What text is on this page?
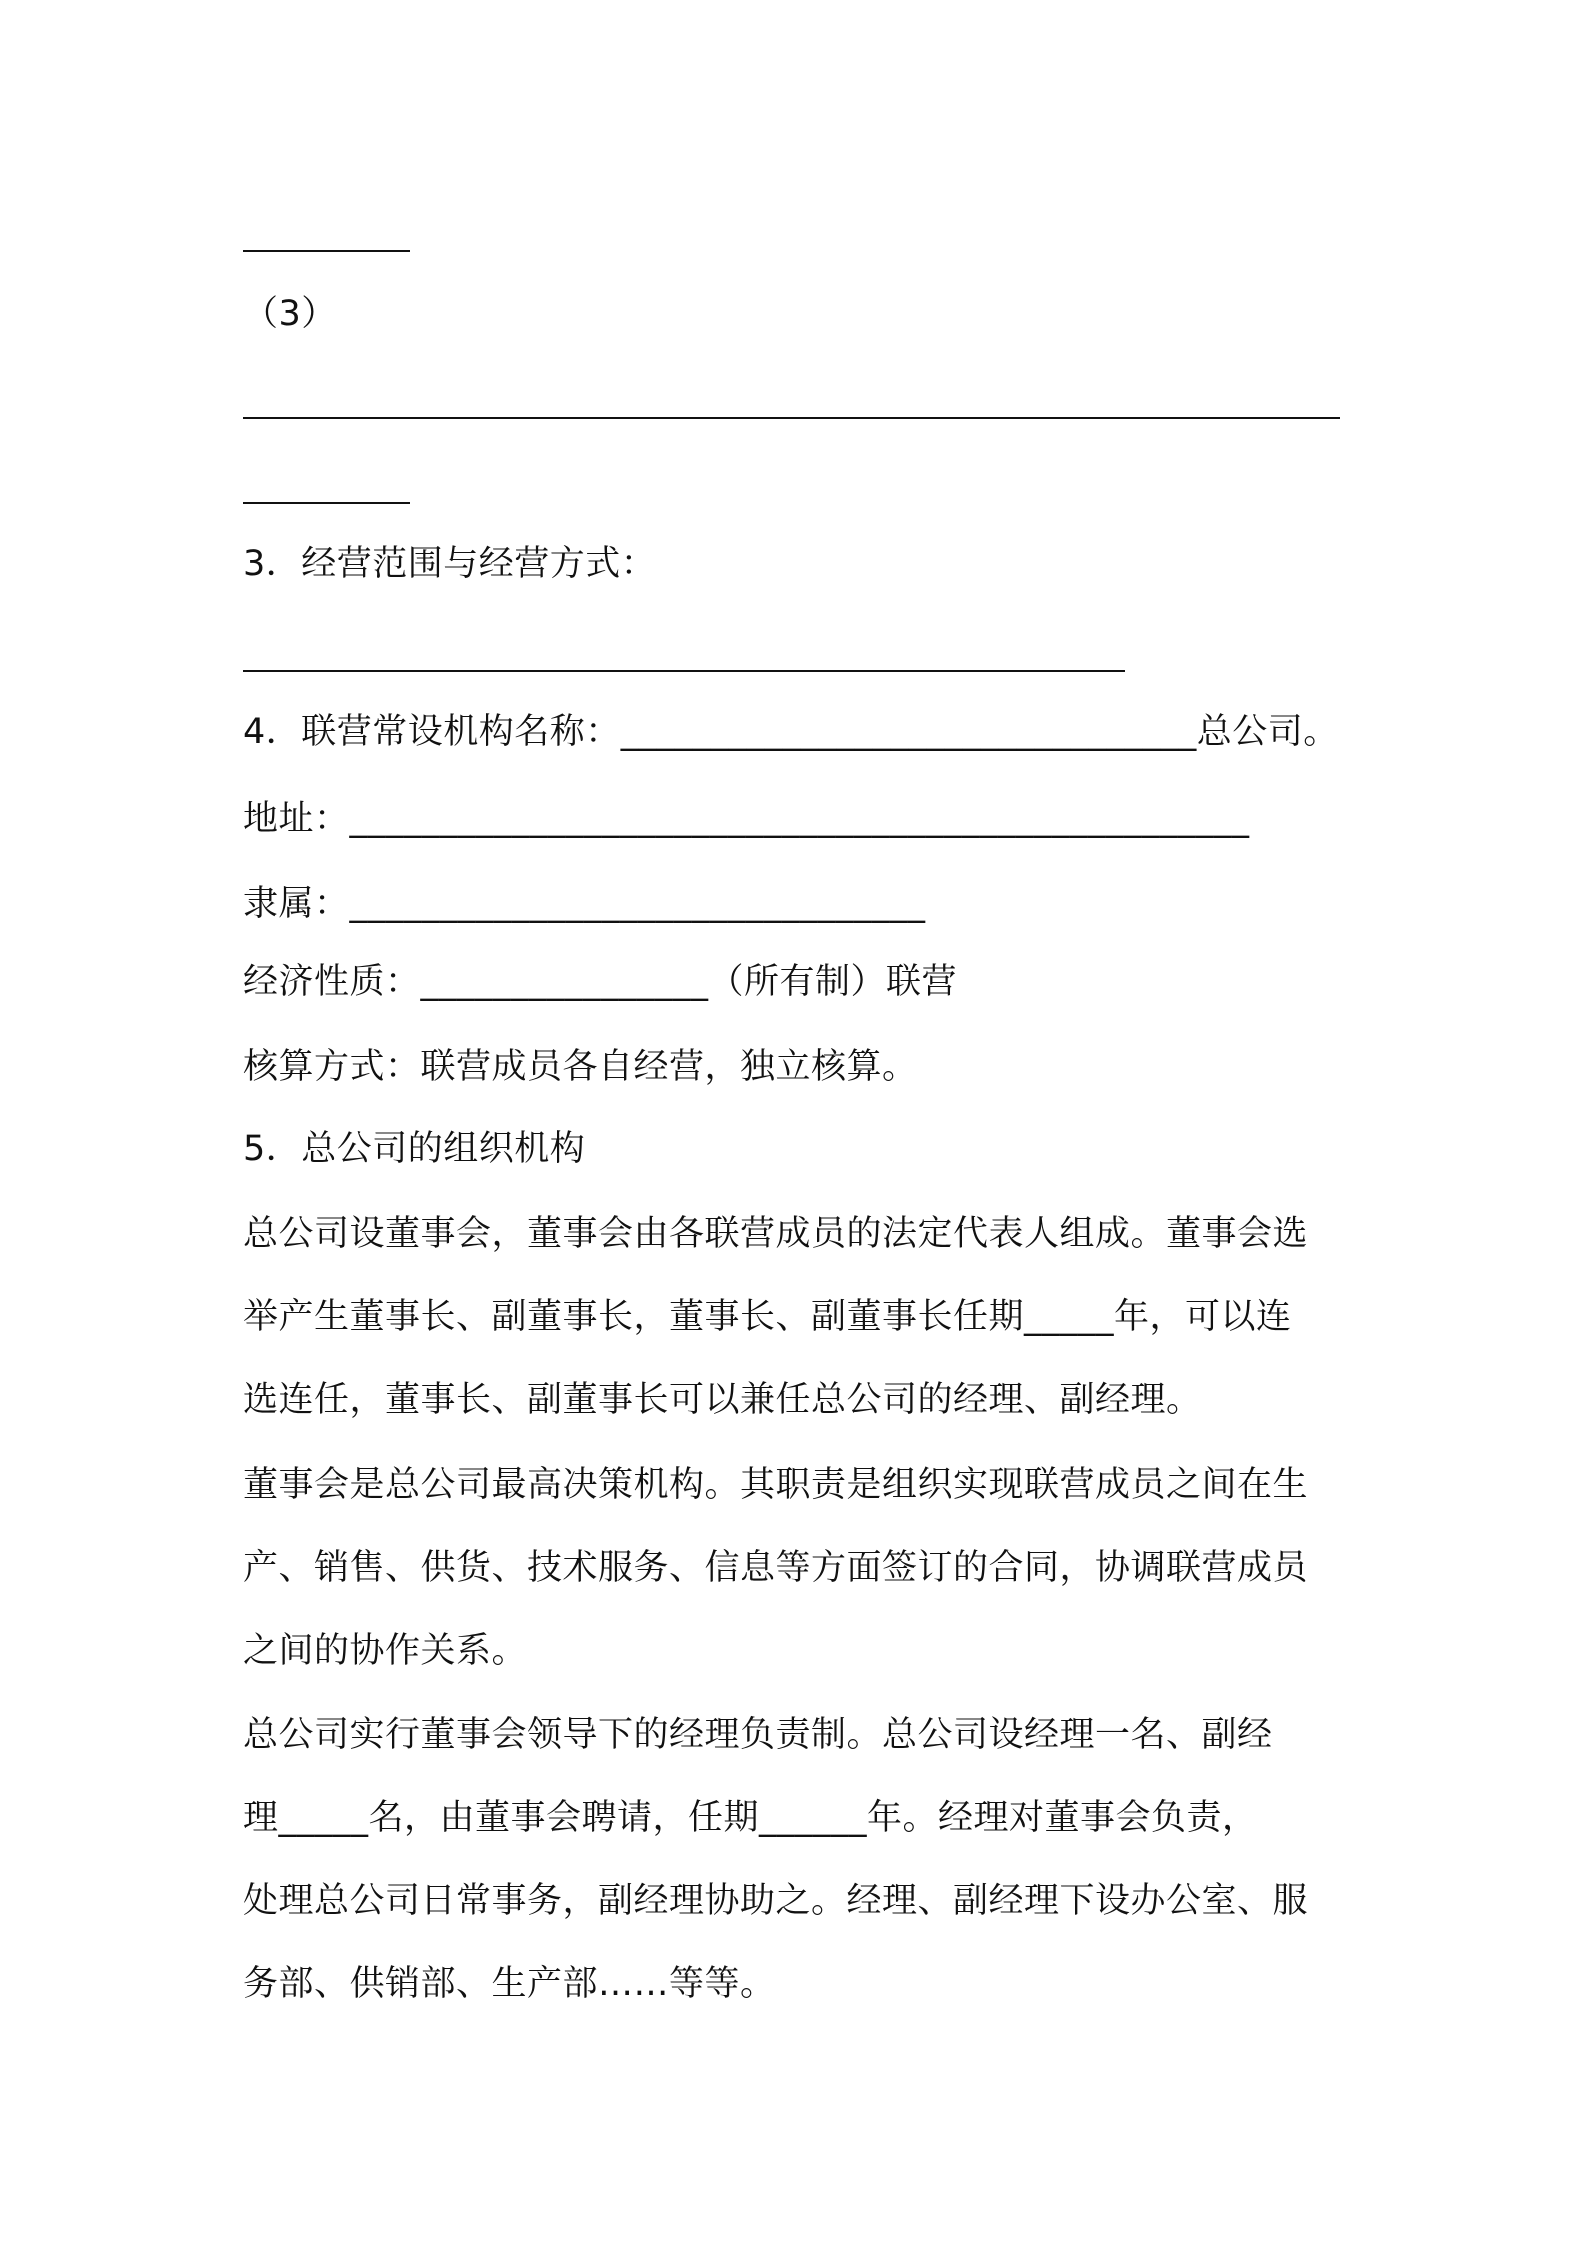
（3）
3．经营范围与经营方式：
4．联营常设机构名称：________________________________总公司。
地址：__________________________________________________
隶属：________________________________
经济性质：________________（所有制）联营
核算方式：联营成员各自经营，独立核算。
5．总公司的组织机构
总公司设董事会，董事会由各联营成员的法定代表人组成。董事会选
举产生董事长、副董事长，董事长、副董事长任期_____年，可以连
选连任，董事长、副董事长可以兼任总公司的经理、副经理。
董事会是总公司最高决策机构。其职责是组织实现联营成员之间在生
产、销售、供货、技术服务、信息等方面签订的合同，协调联营成员
之间的协作关系。
总公司实行董事会领导下的经理负责制。总公司设经理一名、副经
理_____名，由董事会聘请，任期______年。经理对董事会负责，
处理总公司日常事务，副经理协助之。经理、副经理下设办公室、服
务部、供销部、生产部……等等。
